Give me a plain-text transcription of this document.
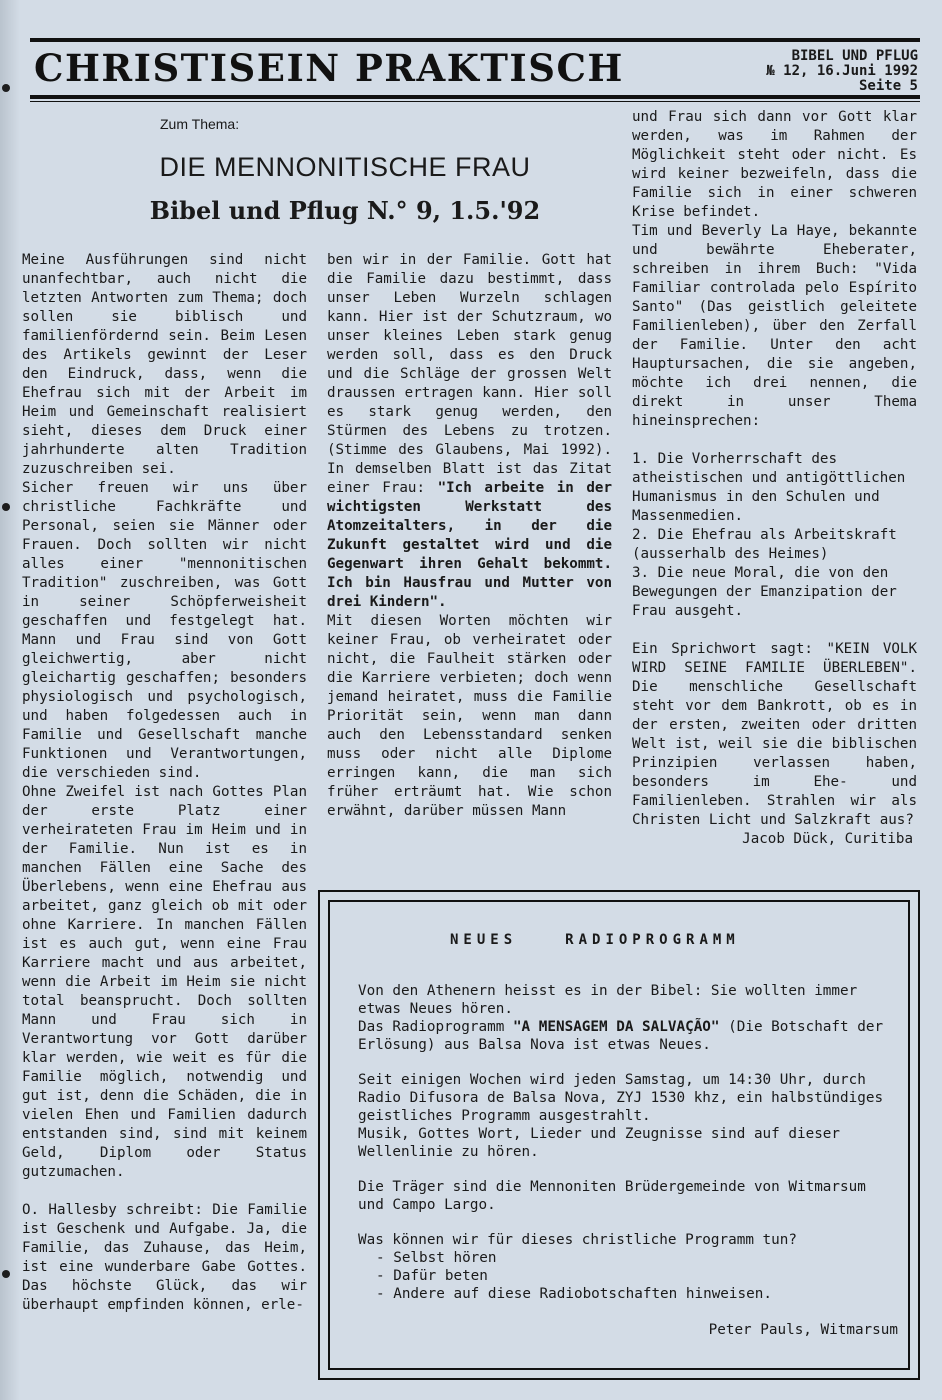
CHRISTISEIN PRAKTISCH	BIBEL UND PFLUG
№ 12, 16.Juni 1992
Seite 5
Zum Thema:
DIE MENNONITISCHE FRAU
Bibel und Pflug N.° 9, 1.5.'92

Meine Ausführungen sind nicht unanfechtbar, auch nicht die letzten Antworten zum Thema; doch sollen sie biblisch und familienfördernd sein. Beim Lesen des Artikels gewinnt der Leser den Eindruck, dass, wenn die Ehefrau sich mit der Arbeit im Heim und Gemeinschaft realisiert sieht, dieses dem Druck einer jahrhunderte alten Tradition zuzuschreiben sei.

Sicher freuen wir uns über christliche Fachkräfte und Personal, seien sie Männer oder Frauen. Doch sollten wir nicht alles einer "mennonitischen Tradition" zuschreiben, was Gott in seiner Schöpferweisheit geschaffen und festgelegt hat. Mann und Frau sind von Gott gleichwertig, aber nicht gleichartig geschaffen; besonders physiologisch und psychologisch, und haben folgedessen auch in Familie und Gesellschaft manche Funktionen und Verantwortungen, die verschieden sind.

Ohne Zweifel ist nach Gottes Plan der erste Platz einer verheirateten Frau im Heim und in der Familie. Nun ist es in manchen Fällen eine Sache des Überlebens, wenn eine Ehefrau aus arbeitet, ganz gleich ob mit oder ohne Karriere. In manchen Fällen ist es auch gut, wenn eine Frau Karriere macht und aus arbeitet, wenn die Arbeit im Heim sie nicht total beansprucht. Doch sollten Mann und Frau sich in Verantwortung vor Gott darüber klar werden, wie weit es für die Familie möglich, notwendig und gut ist, denn die Schäden, die in vielen Ehen und Familien dadurch entstanden sind, sind mit keinem Geld, Diplom oder Status gutzumachen.

O. Hallesby schreibt: Die Familie ist Geschenk und Aufgabe. Ja, die Familie, das Zuhause, das Heim, ist eine wunderbare Gabe Gottes. Das höchste Glück, das wir überhaupt empfinden können, erle-

ben wir in der Familie. Gott hat die Familie dazu bestimmt, dass unser Leben Wurzeln schlagen kann. Hier ist der Schutzraum, wo unser kleines Leben stark genug werden soll, dass es den Druck und die Schläge der grossen Welt draussen ertragen kann. Hier soll es stark genug werden, den Stürmen des Lebens zu trotzen. (Stimme des Glaubens, Mai 1992). In demselben Blatt ist das Zitat einer Frau: "Ich arbeite in der wichtigsten Werkstatt des Atomzeitalters, in der die Zukunft gestaltet wird und die Gegenwart ihren Gehalt bekommt. Ich bin Hausfrau und Mutter von drei Kindern".

Mit diesen Worten möchten wir keiner Frau, ob verheiratet oder nicht, die Faulheit stärken oder die Karriere verbieten; doch wenn jemand heiratet, muss die Familie Priorität sein, wenn man dann auch den Lebensstandard senken muss oder nicht alle Diplome erringen kann, die man sich früher erträumt hat. Wie schon erwähnt, darüber müssen Mann

und Frau sich dann vor Gott klar werden, was im Rahmen der Möglichkeit steht oder nicht. Es wird keiner bezweifeln, dass die Familie sich in einer schweren Krise befindet.

Tim und Beverly La Haye, bekannte und bewährte Eheberater, schreiben in ihrem Buch: "Vida Familiar controlada pelo Espírito Santo" (Das geistlich geleitete Familienleben), über den Zerfall der Familie. Unter den acht Hauptursachen, die sie angeben, möchte ich drei nennen, die direkt in unser Thema hineinsprechen:

1. Die Vorherrschaft des atheistischen und antigöttlichen Humanismus in den Schulen und Massenmedien.
2. Die Ehefrau als Arbeitskraft (ausserhalb des Heimes)
3. Die neue Moral, die von den Bewegungen der Emanzipation der Frau ausgeht.

Ein Sprichwort sagt: "KEIN VOLK WIRD SEINE FAMILIE ÜBERLEBEN". Die menschliche Gesellschaft steht vor dem Bankrott, ob es in der ersten, zweiten oder dritten Welt ist, weil sie die biblischen Prinzipien verlassen haben, besonders im Ehe- und Familienleben. Strahlen wir als Christen Licht und Salzkraft aus?

Jacob Dück, Curitiba

NEUES	RADIOPROGRAMM

Von den Athenern heisst es in der Bibel: Sie wollten immer etwas Neues hören.
Das Radioprogramm "A MENSAGEM DA SALVAÇÃO" (Die Botschaft der Erlösung) aus Balsa Nova ist etwas Neues.

Seit einigen Wochen wird jeden Samstag, um 14:30 Uhr, durch Radio Difusora de Balsa Nova, ZYJ 1530 khz, ein halbstündiges geistliches Programm ausgestrahlt.
Musik, Gottes Wort, Lieder und Zeugnisse sind auf dieser Wellenlinie zu hören.

Die Träger sind die Mennoniten Brüdergemeinde von Witmarsum und Campo Largo.

Was können wir für dieses christliche Programm tun?

- Selbst hören
- Dafür beten
- Andere auf diese Radiobotschaften hinweisen.

Peter Pauls, Witmarsum
